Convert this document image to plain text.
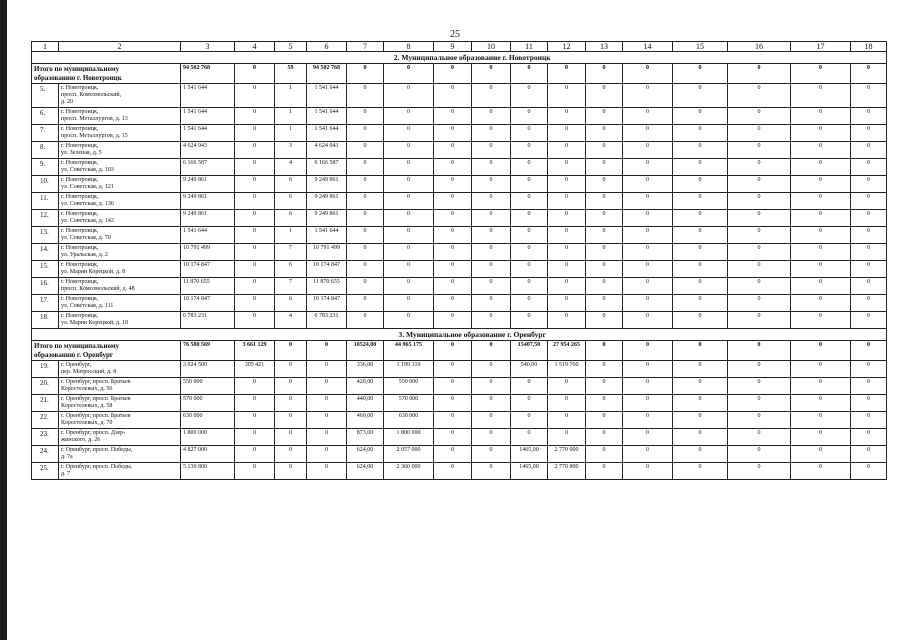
25
1	2	3	4	5	6	7	8	9	10	11	12	13	14	15	16	17	18
	2. Муниципальное образование г. Новотроицк																

Итого по муниципальному
образованию г. Новотроицк		94 502 768	0	59	94 502 768	0	0	0	0	0	0	0	0	0	0	0	0
5.	г. Новотроицк,
просп. Комсомольский,
д. 20	1 541 644	0	1	1 541 644	0	0	0	0	0	0	0	0	0	0	0	0
6.	г. Новотроицк,
просп. Металлургов, д. 13	1 541 644	0	1	1 541 644	0	0	0	0	0	0	0	0	0	0	0	0
7.	г. Новотроицк,
просп. Металлургов, д. 15	1 541 644	0	1	1 541 644	0	0	0	0	0	0	0	0	0	0	0	0
8.	г. Новотроицк,
ул. Зеленая, д. 5	4 624 943	0	3	4 624 943	0	0	0	0	0	0	0	0	0	0	0	0
9.	г. Новотроицк,
ул. Советская, д. 103	6 166 587	0	4	6 166 587	0	0	0	0	0	0	0	0	0	0	0	0
10.	г. Новотроицк,
ул. Советская, д. 121	9 249 861	0	6	9 249 861	0	0	0	0	0	0	0	0	0	0	0	0
11.	г. Новотроицк,
ул. Советская, д. 136	9 249 861	0	6	9 249 861	0	0	0	0	0	0	0	0	0	0	0	0
12.	г. Новотроицк,
ул. Советская, д. 142	9 249 861	0	6	9 249 861	0	0	0	0	0	0	0	0	0	0	0	0
13.	г. Новотроицк,
ул. Советская, д. 70	1 541 644	0	1	1 541 644	0	0	0	0	0	0	0	0	0	0	0	0
14.	г. Новотроицк,
ул. Уральская, д. 2	10 791 499	0	7	10 791 499	0	0	0	0	0	0	0	0	0	0	0	0
15.	г. Новотроицк,
ул. Марии Корецкой, д. 8	10 174 847	0	6	10 174 847	0	0	0	0	0	0	0	0	0	0	0	0
16.	г. Новотроицк,
просп. Комсомольский, д. 48	11 870 655	0	7	11 870 655	0	0	0	0	0	0	0	0	0	0	0	0
17.	г. Новотроицк,
ул. Советская, д. 111	10 174 847	0	6	10 174 847	0	0	0	0	0	0	0	0	0	0	0	0
18.	г. Новотроицк,
ул. Марии Корецкой, д. 10	6 783 231	0	4	6 783 231	0	0	0	0	0	0	0	0	0	0	0	0
	3. Муниципальное образование г. Оренбург																

Итого по муниципальному
образованию г. Оренбург		76 580 569	3 661 129	0	0	18524,00	44 965 175	0	0	15407,50	27 954 265	0	0	0	0	0	0
19.	г. Оренбург,
пер. Матросский, д. 8	3 024 500	305 421	0	0	336,00	1 199 319	0	0	540,00	1 519 760	0	0	0	0	0	0
20.	г. Оренбург, просп. Братьев
Коростелевых, д. 56	550 000	0	0	0	420,00	550 000	0	0	0	0	0	0	0	0	0	0
21.	г. Оренбург, просп. Братьев
Коростелевых, д. 58	570 000	0	0	0	440,00	570 000	0	0	0	0	0	0	0	0	0	0
22.	г. Оренбург, просп. Братьев
Коростелевых, д. 70	630 000	0	0	0	460,00	630 000	0	0	0	0	0	0	0	0	0	0
23.	г. Оренбург, просп. Дзер-
жинского, д. 26	1 800 000	0	0	0	873,00	1 800 000	0	0	0	0	0	0	0	0	0	0
24.	г. Оренбург, просп. Победы,
д. 7а	4 827 000	0	0	0	624,00	2 057 000	0	0	1465,00	2 770 000	0	0	0	0	0	0
25.	г. Оренбург, просп. Победы,
д. 7	5 130 800	0	0	0	624,00	2 360 000	0	0	1465,00	2 770 800	0	0	0	0	0	0
